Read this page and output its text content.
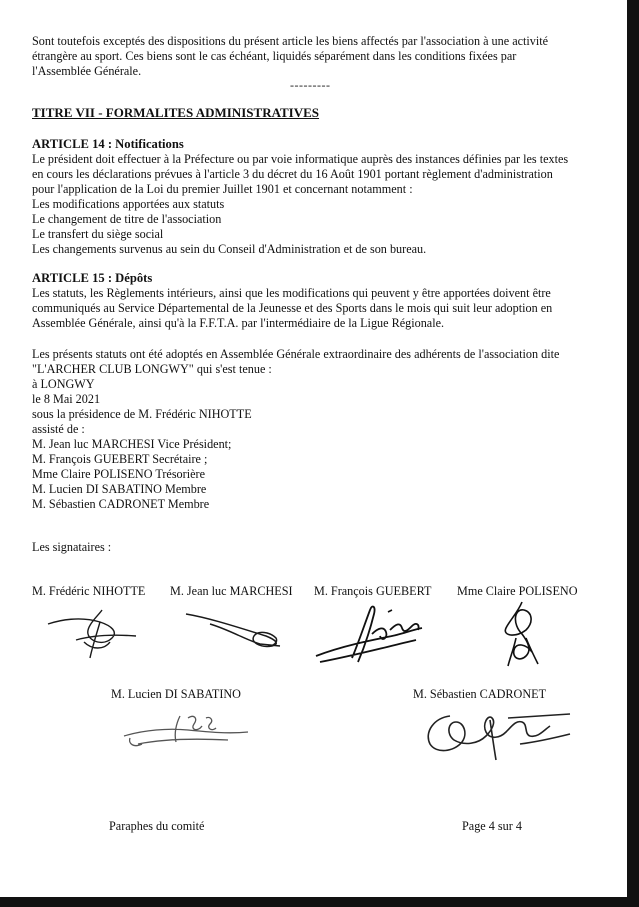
Sont toutefois exceptés des dispositions du présent article les biens affectés par l'association à une activité
étrangère au sport. Ces biens sont le cas échéant, liquidés séparément dans les conditions fixées par
l'Assemblée Générale.
---------
TITRE VII - FORMALITES ADMINISTRATIVES
ARTICLE 14 : Notifications
Le président doit effectuer à la Préfecture ou par voie informatique auprès des instances définies par les textes
en cours les déclarations prévues à l'article 3 du décret du 16 Août 1901 portant règlement d'administration
pour l'application de la Loi du premier Juillet 1901 et concernant notamment :
Les modifications apportées aux statuts
Le changement de titre de l'association
Le transfert du siège social
Les changements survenus au sein du Conseil d'Administration et de son bureau.
ARTICLE 15 : Dépôts
Les statuts, les Règlements intérieurs, ainsi que les modifications qui peuvent y être apportées doivent être
communiqués au Service Départemental de la Jeunesse et des Sports dans le mois qui suit leur adoption en
Assemblée Générale, ainsi qu'à la F.F.T.A. par l'intermédiaire de la Ligue Régionale.
Les présents statuts ont été adoptés en Assemblée Générale extraordinaire des adhérents de l'association dite
"L'ARCHER CLUB LONGWY" qui s'est tenue :
à LONGWY
le 8 Mai 2021
sous la présidence de M. Frédéric NIHOTTE
assisté de :
M. Jean luc MARCHESI Vice Président;
M. François GUEBERT Secrétaire ;
Mme Claire POLISENO Trésorière
M. Lucien DI SABATINO Membre
M. Sébastien CADRONET Membre
Les signataires :
M. Frédéric NIHOTTE M. Jean luc MARCHESI M. François GUEBERT Mme Claire POLISENO
M. Lucien DI SABATINO	M. Sébastien CADRONET
Paraphes du comité	Page 4 sur 4
